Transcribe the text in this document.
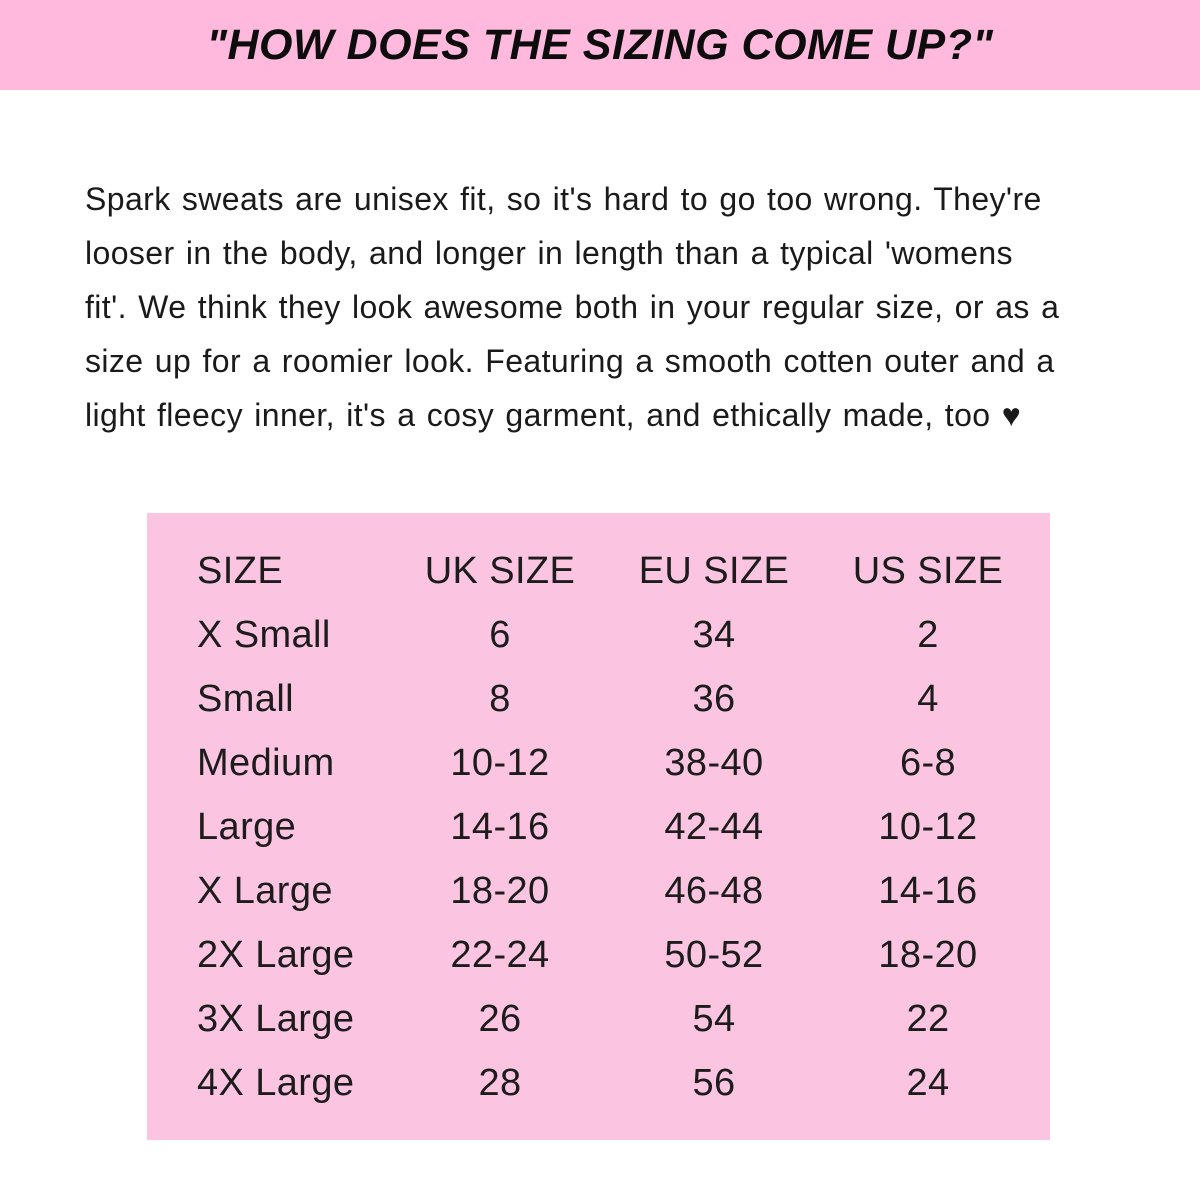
"HOW DOES THE SIZING COME UP?"
Spark sweats are unisex fit, so it's hard to go too wrong. They're
looser in the body, and longer in length than a typical 'womens
fit'. We think they look awesome both in your regular size, or as a
size up for a roomier look. Featuring a smooth cotten outer and a
light fleecy inner, it's a cosy garment, and ethically made, too ♥
SIZE	UK SIZE	EU SIZE	US SIZE
X Small	6	34	2
Small	8	36	4
Medium	10-12	38-40	6-8
Large	14-16	42-44	10-12
X Large	18-20	46-48	14-16
2X Large	22-24	50-52	18-20
3X Large	26	54	22
4X Large	28	56	24
